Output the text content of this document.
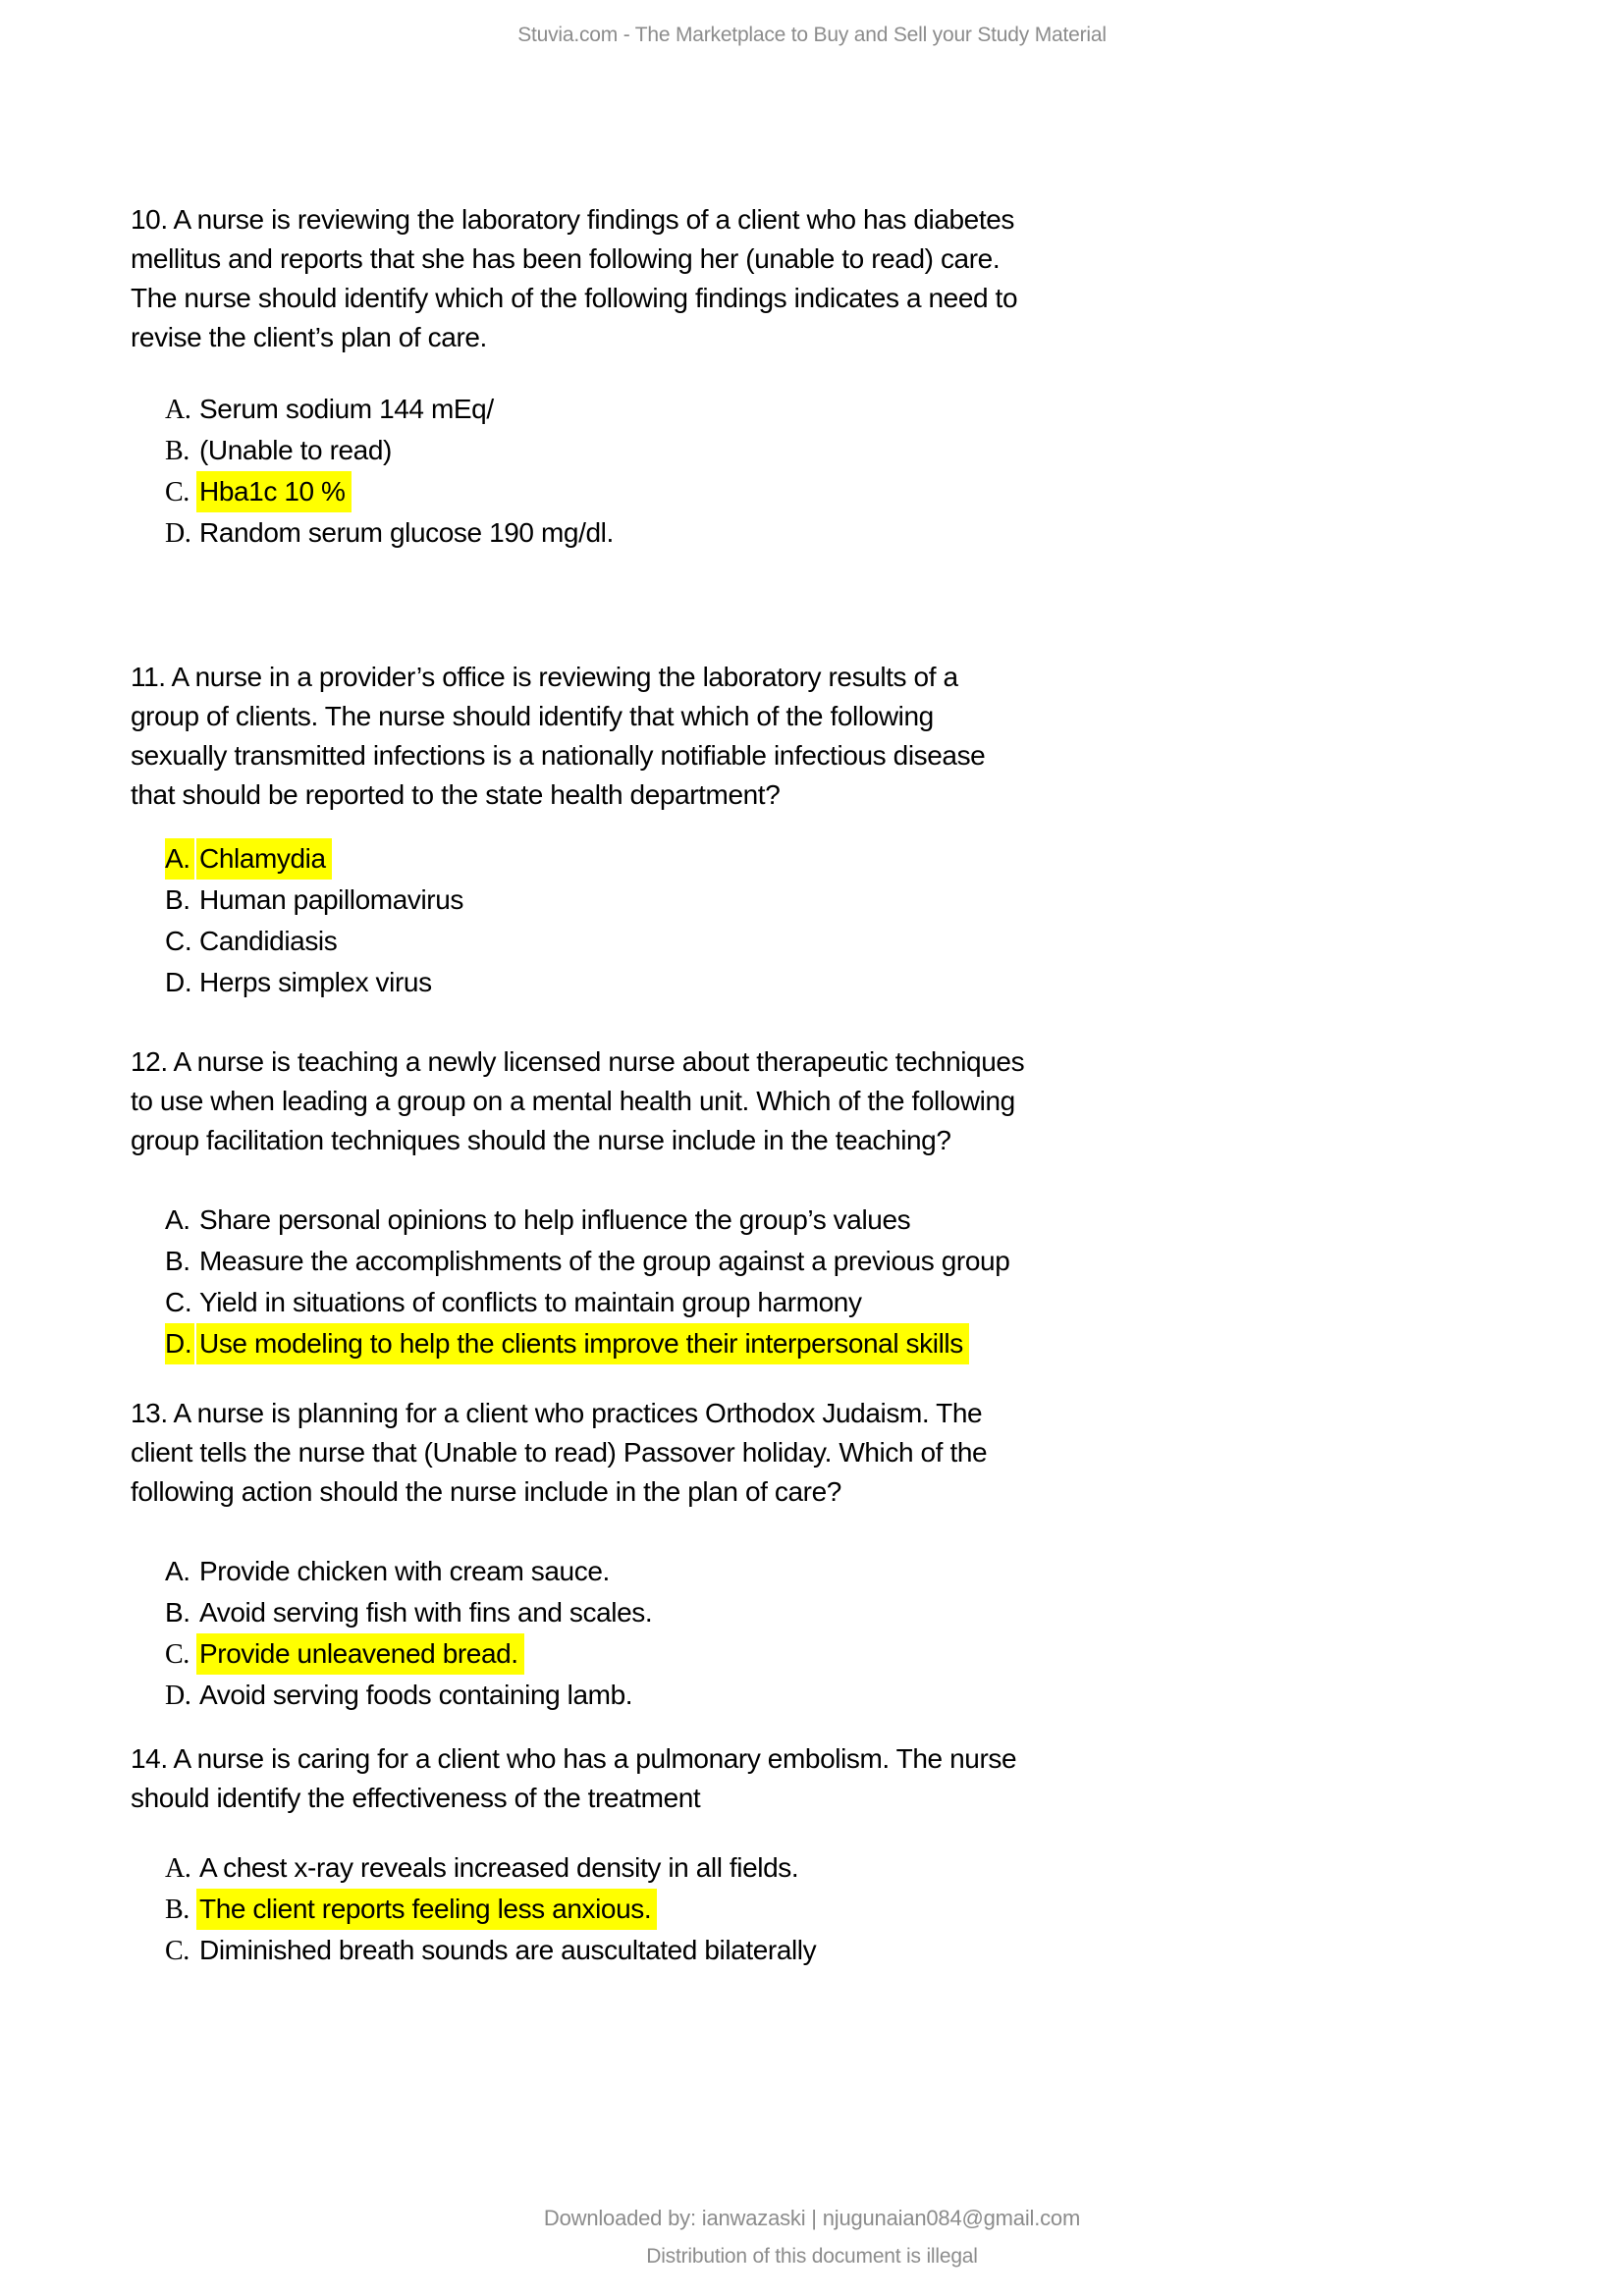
Stuvia.com - The Marketplace to Buy and Sell your Study Material
10. A nurse is reviewing the laboratory findings of a client who has diabetes
mellitus and reports that she has been following her (unable to read) care.
The nurse should identify which of the following findings indicates a need to
revise the client’s plan of care.
A. Serum sodium 144 mEq/
B. (Unable to read)
C. Hba1c 10 %
D. Random serum glucose 190 mg/dl.
11. A nurse in a provider’s office is reviewing the laboratory results of a
group of clients. The nurse should identify that which of the following
sexually transmitted infections is a nationally notifiable infectious disease
that should be reported to the state health department?
A. Chlamydia
B. Human papillomavirus
C. Candidiasis
D. Herps simplex virus
12. A nurse is teaching a newly licensed nurse about therapeutic techniques
to use when leading a group on a mental health unit. Which of the following
group facilitation techniques should the nurse include in the teaching?
A. Share personal opinions to help influence the group’s values
B. Measure the accomplishments of the group against a previous group
C. Yield in situations of conflicts to maintain group harmony
D. Use modeling to help the clients improve their interpersonal skills
13. A nurse is planning for a client who practices Orthodox Judaism. The
client tells the nurse that (Unable to read) Passover holiday. Which of the
following action should the nurse include in the plan of care?
A. Provide chicken with cream sauce.
B. Avoid serving fish with fins and scales.
C. Provide unleavened bread.
D. Avoid serving foods containing lamb.
14. A nurse is caring for a client who has a pulmonary embolism. The nurse
should identify the effectiveness of the treatment
A. A chest x-ray reveals increased density in all fields.
B. The client reports feeling less anxious.
C. Diminished breath sounds are auscultated bilaterally
Downloaded by: ianwazaski | njugunaian084@gmail.com
Distribution of this document is illegal
